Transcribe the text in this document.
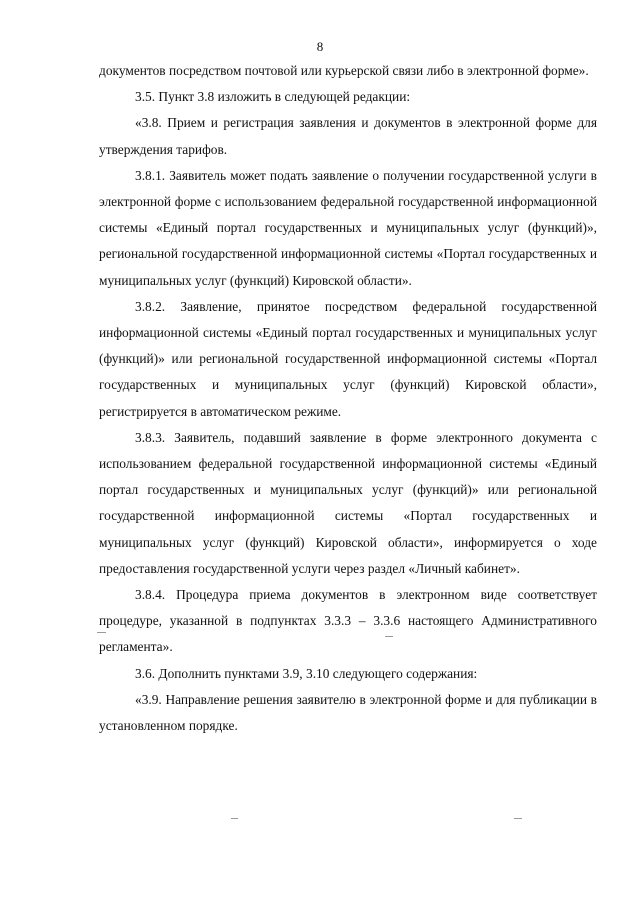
8

документов посредством почтовой или курьерской связи либо в электронной форме».

3.5. Пункт 3.8 изложить в следующей редакции:

«3.8. Прием и регистрация заявления и документов в электронной форме для утверждения тарифов.

3.8.1. Заявитель может подать заявление о получении государственной услуги в электронной форме с использованием федеральной государственной информационной системы «Единый портал государственных и муниципальных услуг (функций)», региональной государственной информационной системы «Портал государственных и муниципальных услуг (функций) Кировской области».

3.8.2. Заявление, принятое посредством федеральной государственной информационной системы «Единый портал государственных и муниципальных услуг (функций)» или региональной государственной информационной системы «Портал государственных и муниципальных услуг (функций) Кировской области», регистрируется в автоматическом режиме.

3.8.3. Заявитель, подавший заявление в форме электронного документа с использованием федеральной государственной информационной системы «Единый портал государственных и муниципальных услуг (функций)» или региональной государственной информационной системы «Портал государственных и муниципальных услуг (функций) Кировской области», информируется о ходе предоставления государственной услуги через раздел «Личный кабинет».

3.8.4. Процедура приема документов в электронном виде соответствует процедуре, указанной в подпунктах 3.3.3 – 3.3.6 настоящего Административного регламента».

3.6. Дополнить пунктами 3.9, 3.10 следующего содержания:

«3.9. Направление решения заявителю в электронной форме и для публикации в установленном порядке.
